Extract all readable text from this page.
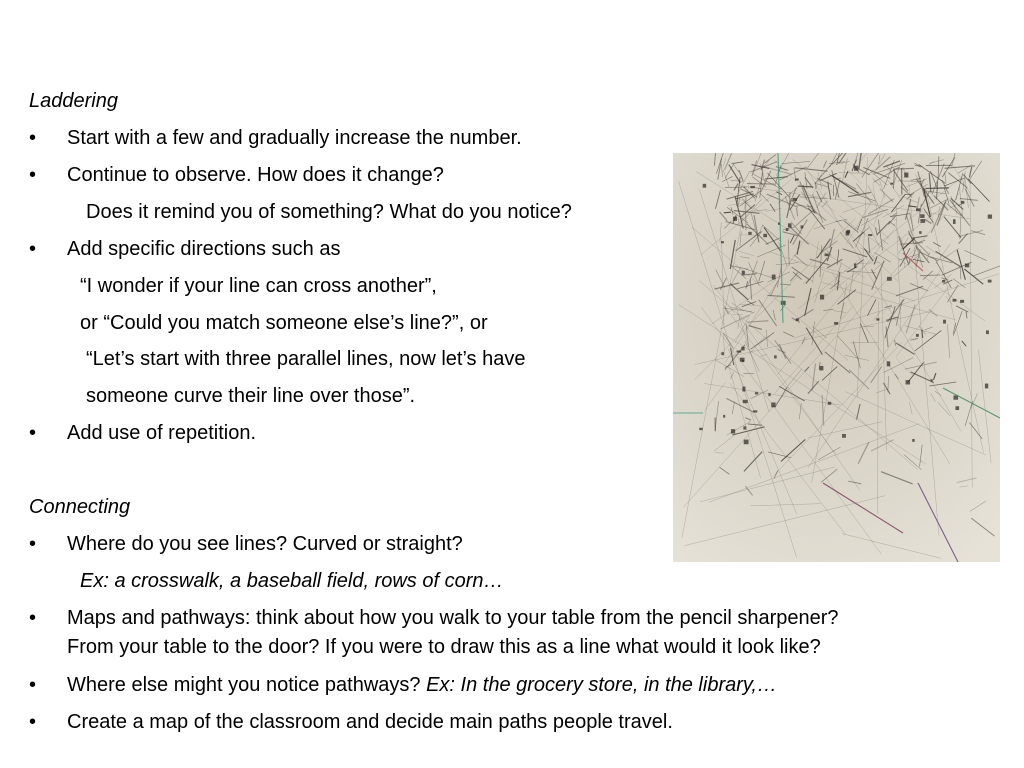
Laddering

• Start with a few and gradually increase the number.

• Continue to observe. How does it change?

Does it remind you of something? What do you notice?

• Add specific directions such as

“I wonder if your line can cross another”,

or “Could you match someone else’s line?”, or

“Let’s start with three parallel lines, now let’s have

someone curve their line over those”.

• Add use of repetition.

Connecting

• Where do you see lines? Curved or straight?

Ex: a crosswalk, a baseball field, rows of corn…

• Maps and pathways: think about how you walk to your table from the pencil sharpener?

From your table to the door? If you were to draw this as a line what would it look like?

• Where else might you notice pathways? Ex: In the grocery store, in the library,…

• Create a map of the classroom and decide main paths people travel.
